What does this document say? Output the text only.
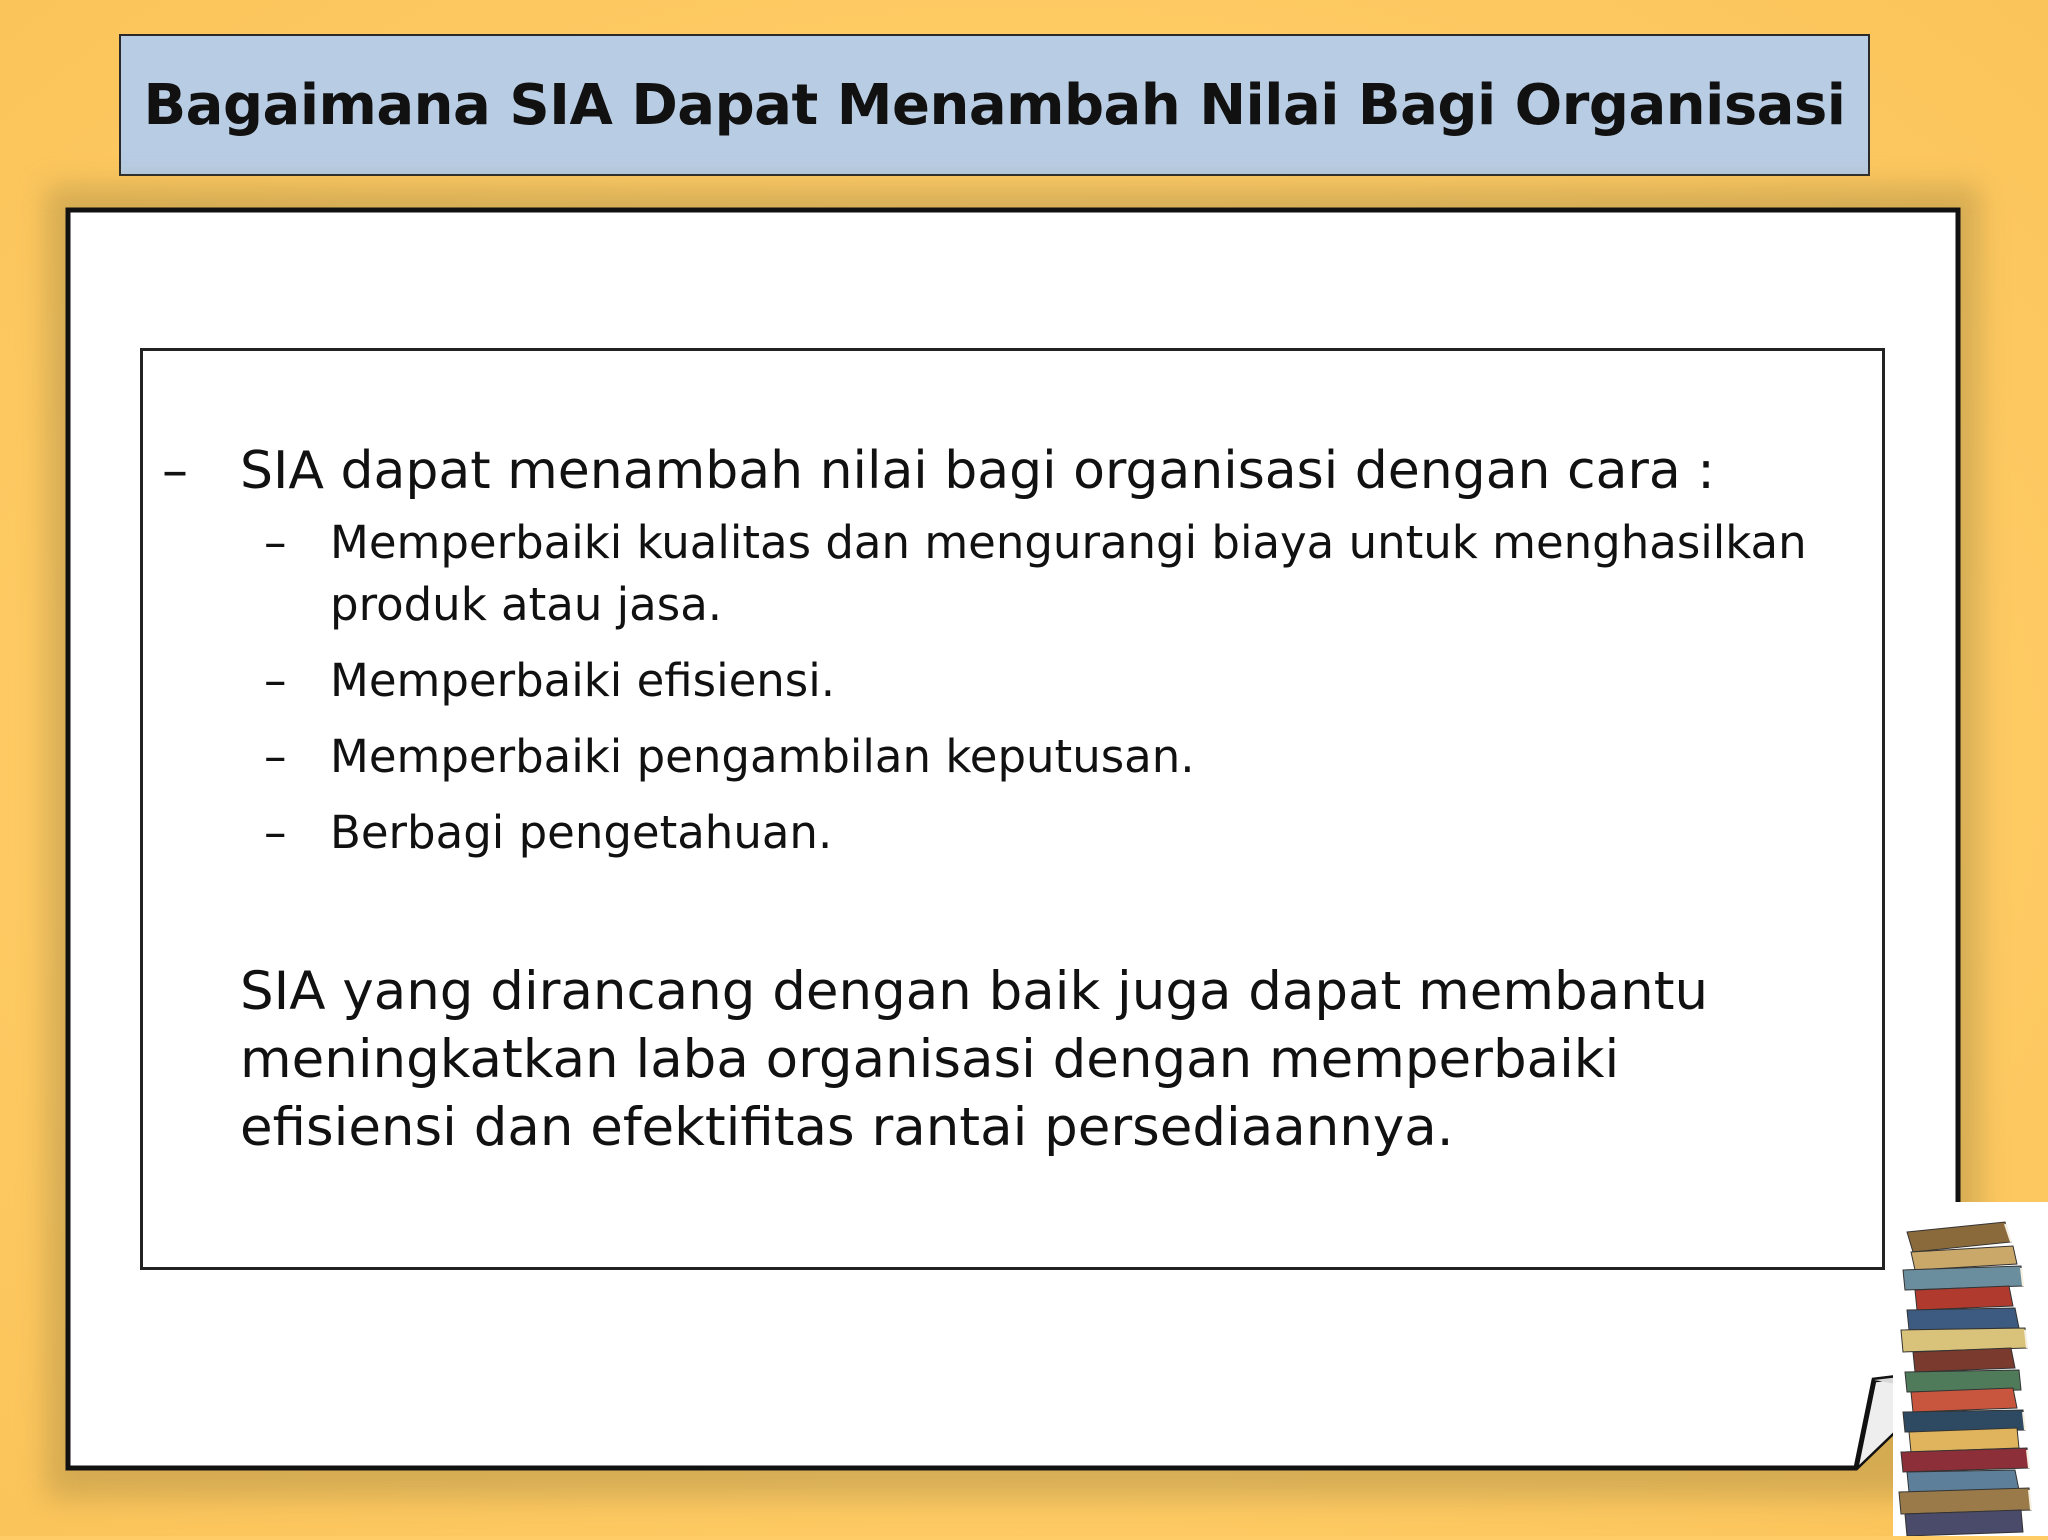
Bagaimana SIA Dapat Menambah Nilai Bagi Organisasi
– SIA dapat menambah nilai bagi organisasi dengan cara :
– Memperbaiki kualitas dan mengurangi biaya untuk menghasilkan produk atau jasa.
– Memperbaiki efisiensi.
– Memperbaiki pengambilan keputusan.
– Berbagi pengetahuan.
SIA yang dirancang dengan baik juga dapat membantu meningkatkan laba organisasi dengan memperbaiki efisiensi dan efektifitas rantai persediaannya.
